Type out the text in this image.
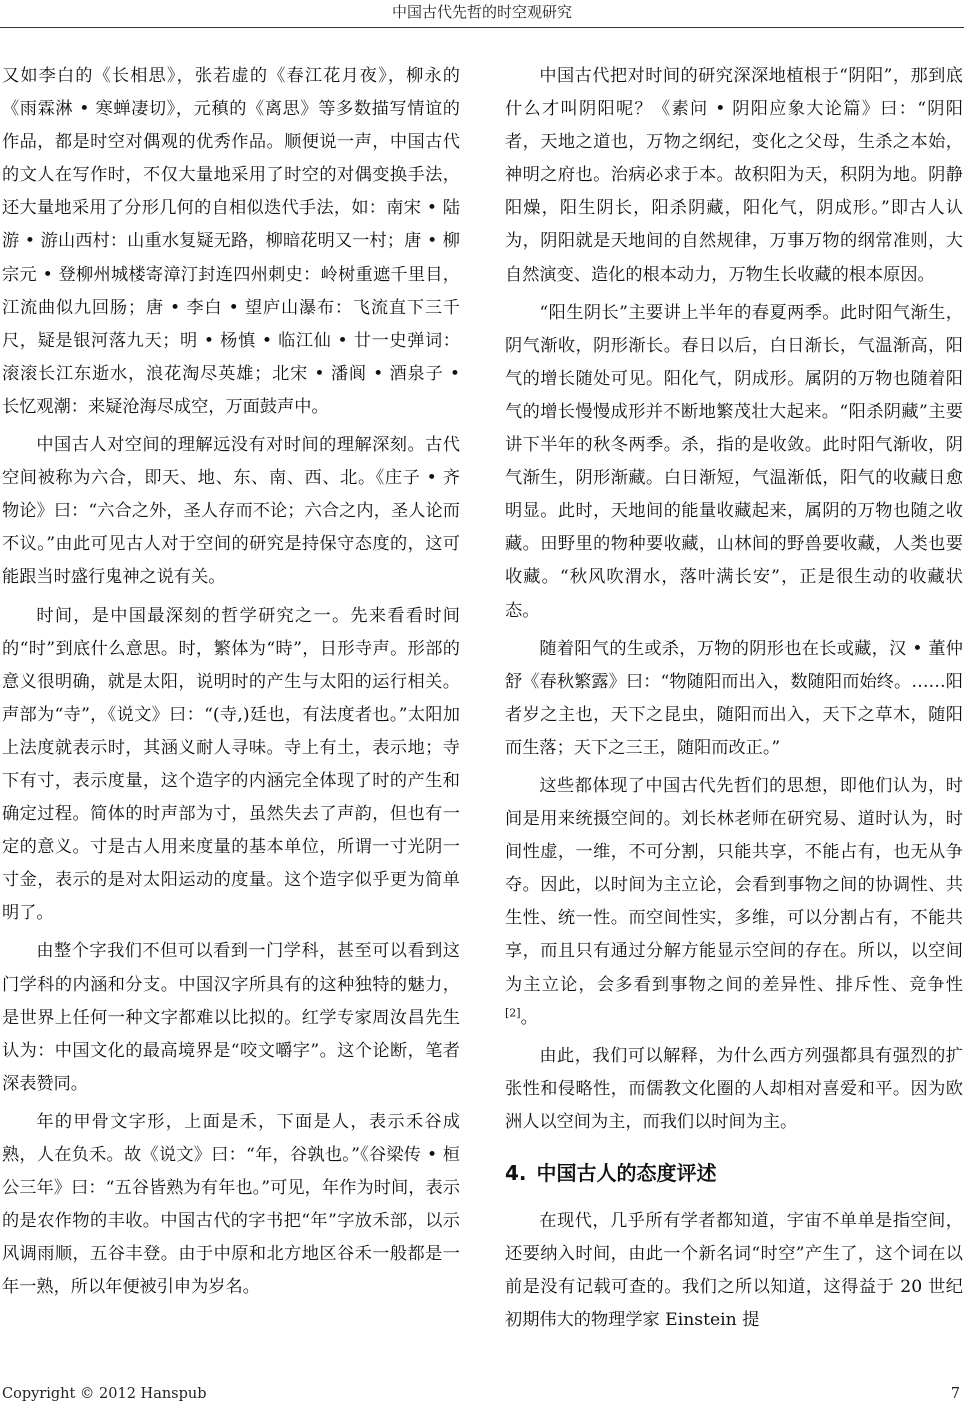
中国古代先哲的时空观研究

又如李白的《长相思》，张若虚的《春江花月夜》，柳永的《雨霖淋 • 寒蝉凄切》，元稹的《离思》等多数描写情谊的作品，都是时空对偶观的优秀作品。顺便说一声，中国古代的文人在写作时，不仅大量地采用了时空的对偶变换手法，还大量地采用了分形几何的自相似迭代手法，如：南宋 • 陆游 • 游山西村：山重水复疑无路，柳暗花明又一村；唐 • 柳宗元 • 登柳州城楼寄漳汀封连四州刺史：岭树重遮千里目，江流曲似九回肠；唐 • 李白 • 望庐山瀑布：飞流直下三千尺，疑是银河落九天；明 • 杨慎 • 临江仙 • 廿一史弹词：滚滚长江东逝水，浪花淘尽英雄；北宋 • 潘阆 • 酒泉子 • 长忆观潮：来疑沧海尽成空，万面鼓声中。

中国古人对空间的理解远没有对时间的理解深刻。古代空间被称为六合，即天、地、东、南、西、北。《庄子 • 齐物论》曰：“六合之外，圣人存而不论；六合之内，圣人论而不议。”由此可见古人对于空间的研究是持保守态度的，这可能跟当时盛行鬼神之说有关。

时间，是中国最深刻的哲学研究之一。先来看看时间的“时”到底什么意思。时，繁体为“時”，日形寺声。形部的意义很明确，就是太阳，说明时的产生与太阳的运行相关。声部为“寺”，《说文》曰：“(寺,)廷也，有法度者也。”太阳加上法度就表示时，其涵义耐人寻味。寺上有土，表示地；寺下有寸，表示度量，这个造字的内涵完全体现了时的产生和确定过程。简体的时声部为寸，虽然失去了声韵，但也有一定的意义。寸是古人用来度量的基本单位，所谓一寸光阴一寸金，表示的是对太阳运动的度量。这个造字似乎更为简单明了。

由整个字我们不但可以看到一门学科，甚至可以看到这门学科的内涵和分支。中国汉字所具有的这种独特的魅力，是世界上任何一种文字都难以比拟的。红学专家周汝昌先生认为：中国文化的最高境界是“咬文嚼字”。这个论断，笔者深表赞同。

年的甲骨文字形，上面是禾，下面是人，表示禾谷成熟，人在负禾。故《说文》曰：“年，谷孰也。”《谷梁传 • 桓公三年》曰：“五谷皆熟为有年也。”可见，年作为时间，表示的是农作物的丰收。中国古代的字书把“年”字放禾部，以示风调雨顺，五谷丰登。由于中原和北方地区谷禾一般都是一年一熟，所以年便被引申为岁名。

中国古代把对时间的研究深深地植根于“阴阳”，那到底什么才叫阴阳呢？《素问 • 阴阳应象大论篇》曰：“阴阳者，天地之道也，万物之纲纪，变化之父母，生杀之本始，神明之府也。治病必求于本。故积阳为天，积阴为地。阴静阳燥，阳生阴长，阳杀阴藏，阳化气，阴成形。”即古人认为，阴阳就是天地间的自然规律，万事万物的纲常准则，大自然演变、造化的根本动力，万物生长收藏的根本原因。

“阳生阴长”主要讲上半年的春夏两季。此时阳气渐生，阴气渐收，阴形渐长。春日以后，白日渐长，气温渐高，阳气的增长随处可见。阳化气，阴成形。属阴的万物也随着阳气的增长慢慢成形并不断地繁茂壮大起来。“阳杀阴藏”主要讲下半年的秋冬两季。杀，指的是收敛。此时阳气渐收，阴气渐生，阴形渐藏。白日渐短，气温渐低，阳气的收藏日愈明显。此时，天地间的能量收藏起来，属阴的万物也随之收藏。田野里的物种要收藏，山林间的野兽要收藏，人类也要收藏。“秋风吹渭水，落叶满长安”，正是很生动的收藏状态。

随着阳气的生或杀，万物的阴形也在长或藏，汉 • 董仲舒《春秋繁露》曰：“物随阳而出入，数随阳而始终。……阳者岁之主也，天下之昆虫，随阳而出入，天下之草木，随阳而生落；天下之三王，随阳而改正。”

这些都体现了中国古代先哲们的思想，即他们认为，时间是用来统摄空间的。刘长林老师在研究易、道时认为，时间性虚，一维，不可分割，只能共享，不能占有，也无从争夺。因此，以时间为主立论，会看到事物之间的协调性、共生性、统一性。而空间性实，多维，可以分割占有，不能共享，而且只有通过分解方能显示空间的存在。所以，以空间为主立论，会多看到事物之间的差异性、排斥性、竞争性[2]。

由此，我们可以解释，为什么西方列强都具有强烈的扩张性和侵略性，而儒教文化圈的人却相对喜爱和平。因为欧洲人以空间为主，而我们以时间为主。

4. 中国古人的态度评述

在现代，几乎所有学者都知道，宇宙不单单是指空间，还要纳入时间，由此一个新名词“时空”产生了，这个词在以前是没有记载可查的。我们之所以知道，这得益于 20 世纪初期伟大的物理学家 Einstein 提

Copyright © 2012 Hanspub	7
